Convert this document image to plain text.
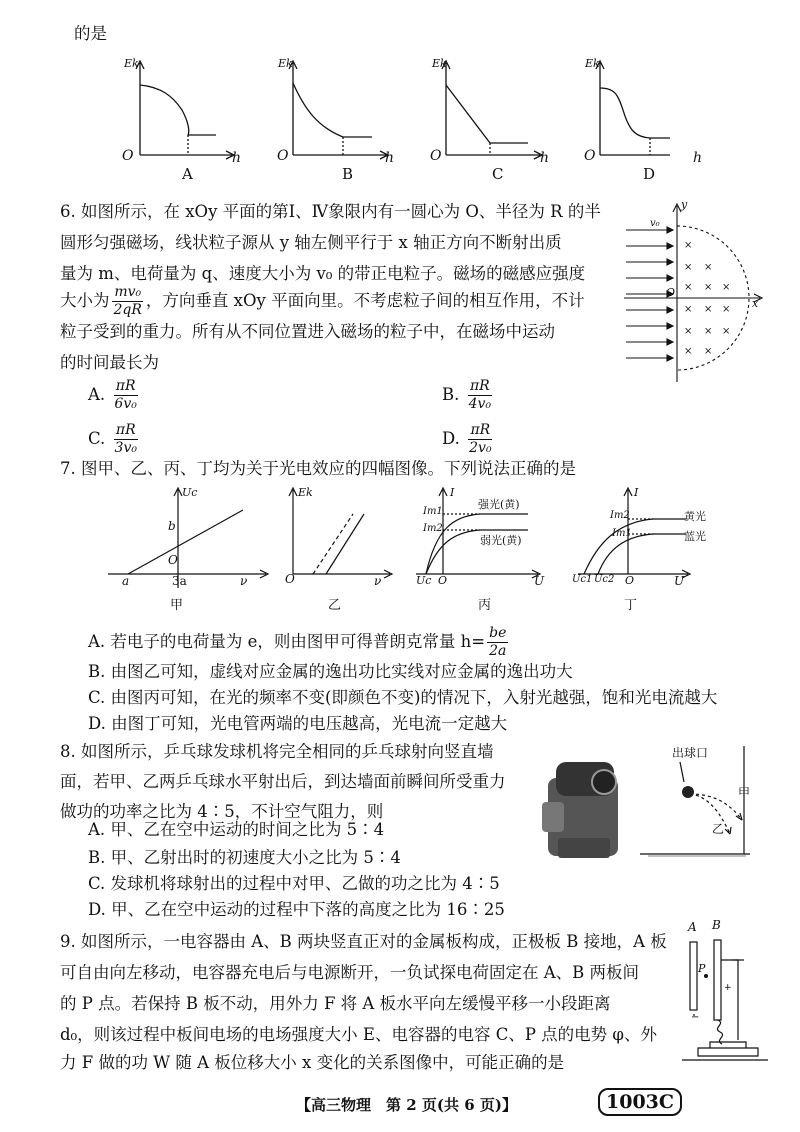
的是
Ek
O	h
A
Ek
O	h
B
Ek
O	h
C
Ek
O	h
D
6. 如图所示，在 xOy 平面的第Ⅰ、Ⅳ象限内有一圆心为 O、半径为 R 的半
圆形匀强磁场，线状粒子源从 y 轴左侧平行于 x 轴正方向不断射出质
量为 m、电荷量为 q、速度大小为 v₀ 的带正电粒子。磁场的磁感应强度
大小为 $\frac{\text{mv₀}}{2qR}$ ，方向垂直 xOy 平面向里。不考虑粒子间的相互作用，不计
粒子受到的重力。所有从不同位置进入磁场的粒子中，在磁场中运动
的时间最长为
A. $\frac{\pi R}{\text{6v₀}}$	B. $\frac{\pi R}{\text{4v₀}}$
C. $\frac{\pi R}{\text{3v₀}}$	D. $\frac{\pi R}{\text{2v₀}}$
×
× ×
× × ×
× × ×
× × ×
× ×
y
x
O
v₀
7. 图甲、乙、丙、丁均为关于光电效应的四幅图像。下列说法正确的是
Uc
b
O
a	3a	ν
甲
Ek
O	ν
乙
I
Im1
Im2
强光(黄)
弱光(黄)
Uc O	U
丙
I
Im2
Im1
黄光
蓝光
Uc1 Uc2 O	U
丁
A. 若电子的电荷量为 e，则由图甲可得普朗克常量 $h= \frac{be}{2a}$
B. 由图乙可知，虚线对应金属的逸出功比实线对应金属的逸出功大
C. 由图丙可知，在光的频率不变(即颜色不变)的情况下，入射光越强，饱和光电流越大
D. 由图丁可知，光电管两端的电压越高，光电流一定越大
8. 如图所示，乒乓球发球机将完全相同的乒乓球射向竖直墙
面，若甲、乙两乒乓球水平射出后，到达墙面前瞬间所受重力
做功的功率之比为 4∶5，不计空气阻力，则
A. 甲、乙在空中运动的时间之比为 5∶4
B. 甲、乙射出时的初速度大小之比为 5∶4
C. 发球机将球射出的过程中对甲、乙做的功之比为 4∶5
D. 甲、乙在空中运动的过程中下落的高度之比为 16∶25
出球口
甲
乙
9. 如图所示，一电容器由 A、B 两块竖直正对的金属板构成，正极板 B 接地，A 板
可自由向左移动，电容器充电后与电源断开，一负试探电荷固定在 A、B 两板间
的 P 点。若保持 B 板不动，用外力 F 将 A 板水平向左缓慢平移一小段距离
d₀，则该过程中板间电场的电场强度大小 E、电容器的电容 C、P 点的电势 φ、外
力 F 做的功 W 随 A 板位移大小 x 变化的关系图像中，可能正确的是
−
+
A B
P
【高三物理　第 2 页(共 6 页)】	1003C
